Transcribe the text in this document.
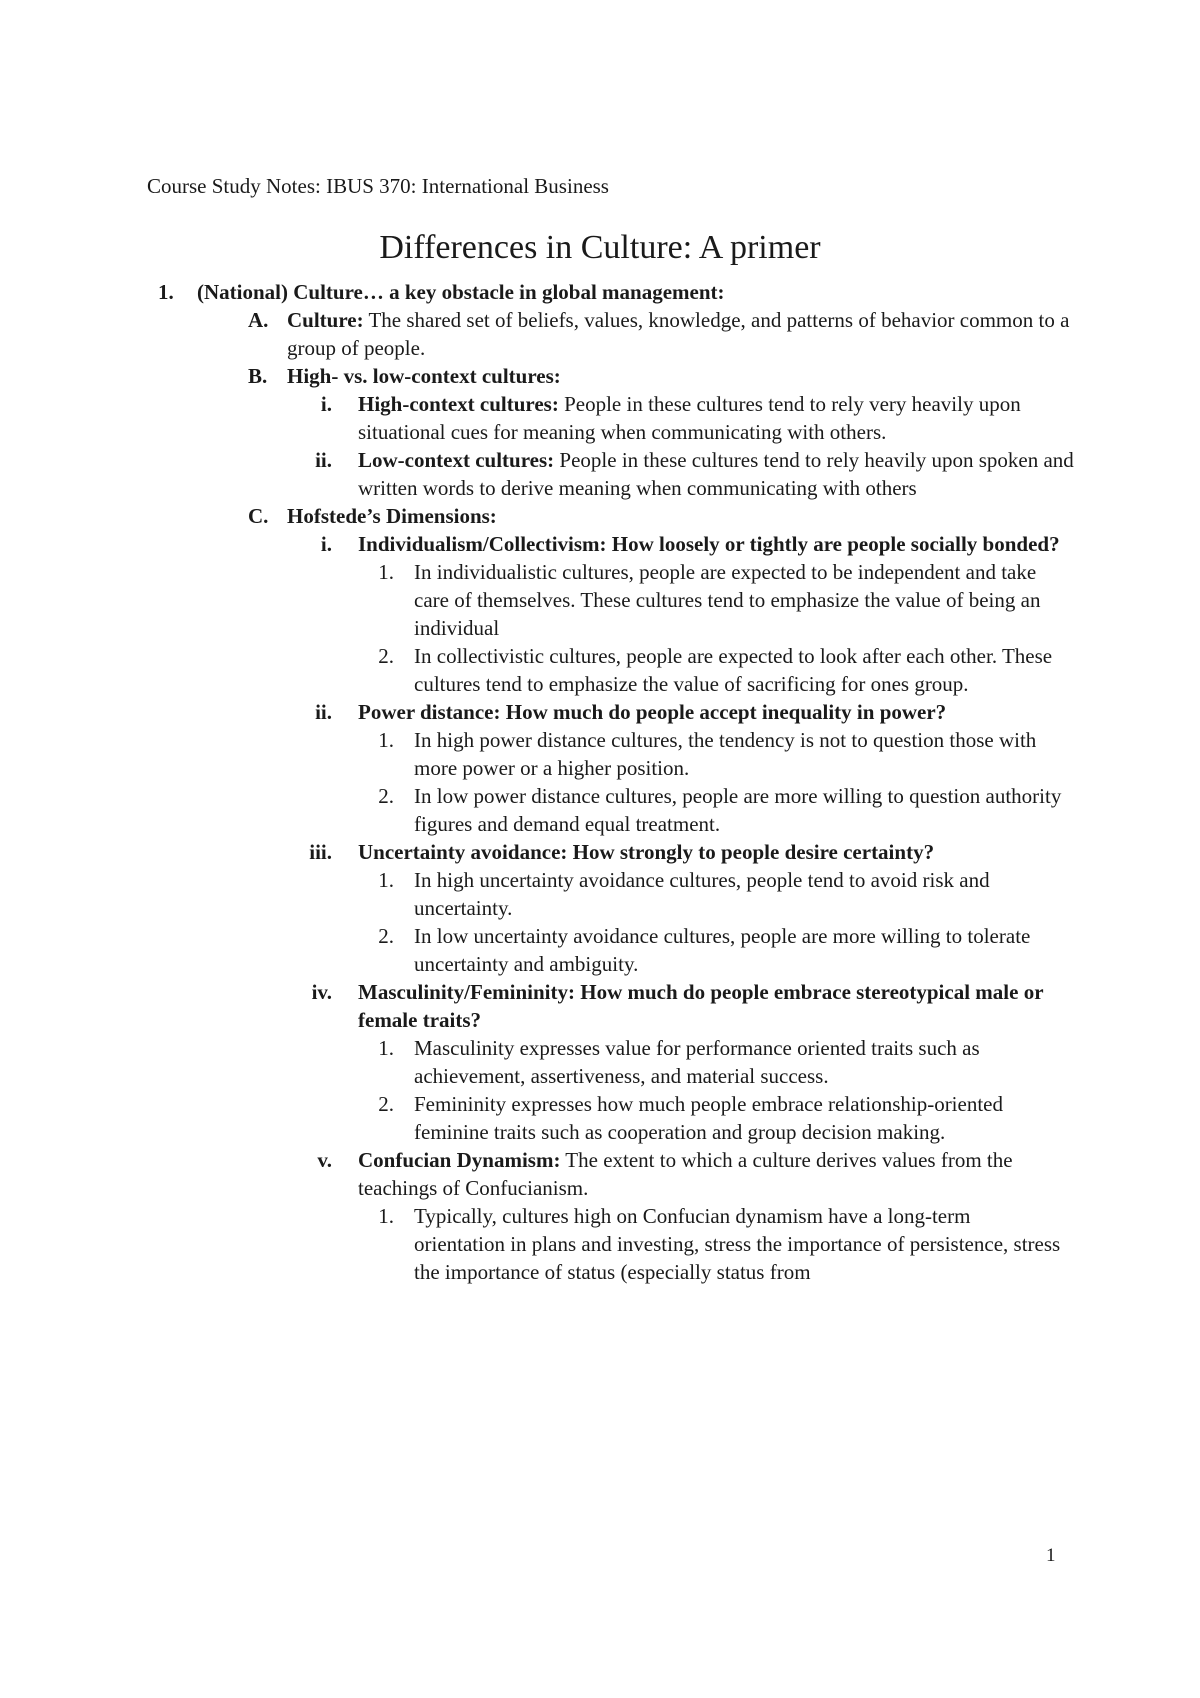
Course Study Notes: IBUS 370: International Business
Differences in Culture: A primer
1. (National) Culture… a key obstacle in global management:
A. Culture: The shared set of beliefs, values, knowledge, and patterns of behavior common to a group of people.
B. High- vs. low-context cultures:
i. High-context cultures: People in these cultures tend to rely very heavily upon situational cues for meaning when communicating with others.
ii. Low-context cultures: People in these cultures tend to rely heavily upon spoken and written words to derive meaning when communicating with others
C. Hofstede’s Dimensions:
i. Individualism/Collectivism: How loosely or tightly are people socially bonded?
1. In individualistic cultures, people are expected to be independent and take care of themselves. These cultures tend to emphasize the value of being an individual
2. In collectivistic cultures, people are expected to look after each other. These cultures tend to emphasize the value of sacrificing for ones group.
ii. Power distance: How much do people accept inequality in power?
1. In high power distance cultures, the tendency is not to question those with more power or a higher position.
2. In low power distance cultures, people are more willing to question authority figures and demand equal treatment.
iii. Uncertainty avoidance: How strongly to people desire certainty?
1. In high uncertainty avoidance cultures, people tend to avoid risk and uncertainty.
2. In low uncertainty avoidance cultures, people are more willing to tolerate uncertainty and ambiguity.
iv. Masculinity/Femininity: How much do people embrace stereotypical male or female traits?
1. Masculinity expresses value for performance oriented traits such as achievement, assertiveness, and material success.
2. Femininity expresses how much people embrace relationship-oriented feminine traits such as cooperation and group decision making.
v. Confucian Dynamism: The extent to which a culture derives values from the teachings of Confucianism.
1. Typically, cultures high on Confucian dynamism have a long-term orientation in plans and investing, stress the importance of persistence, stress the importance of status (especially status from
1
